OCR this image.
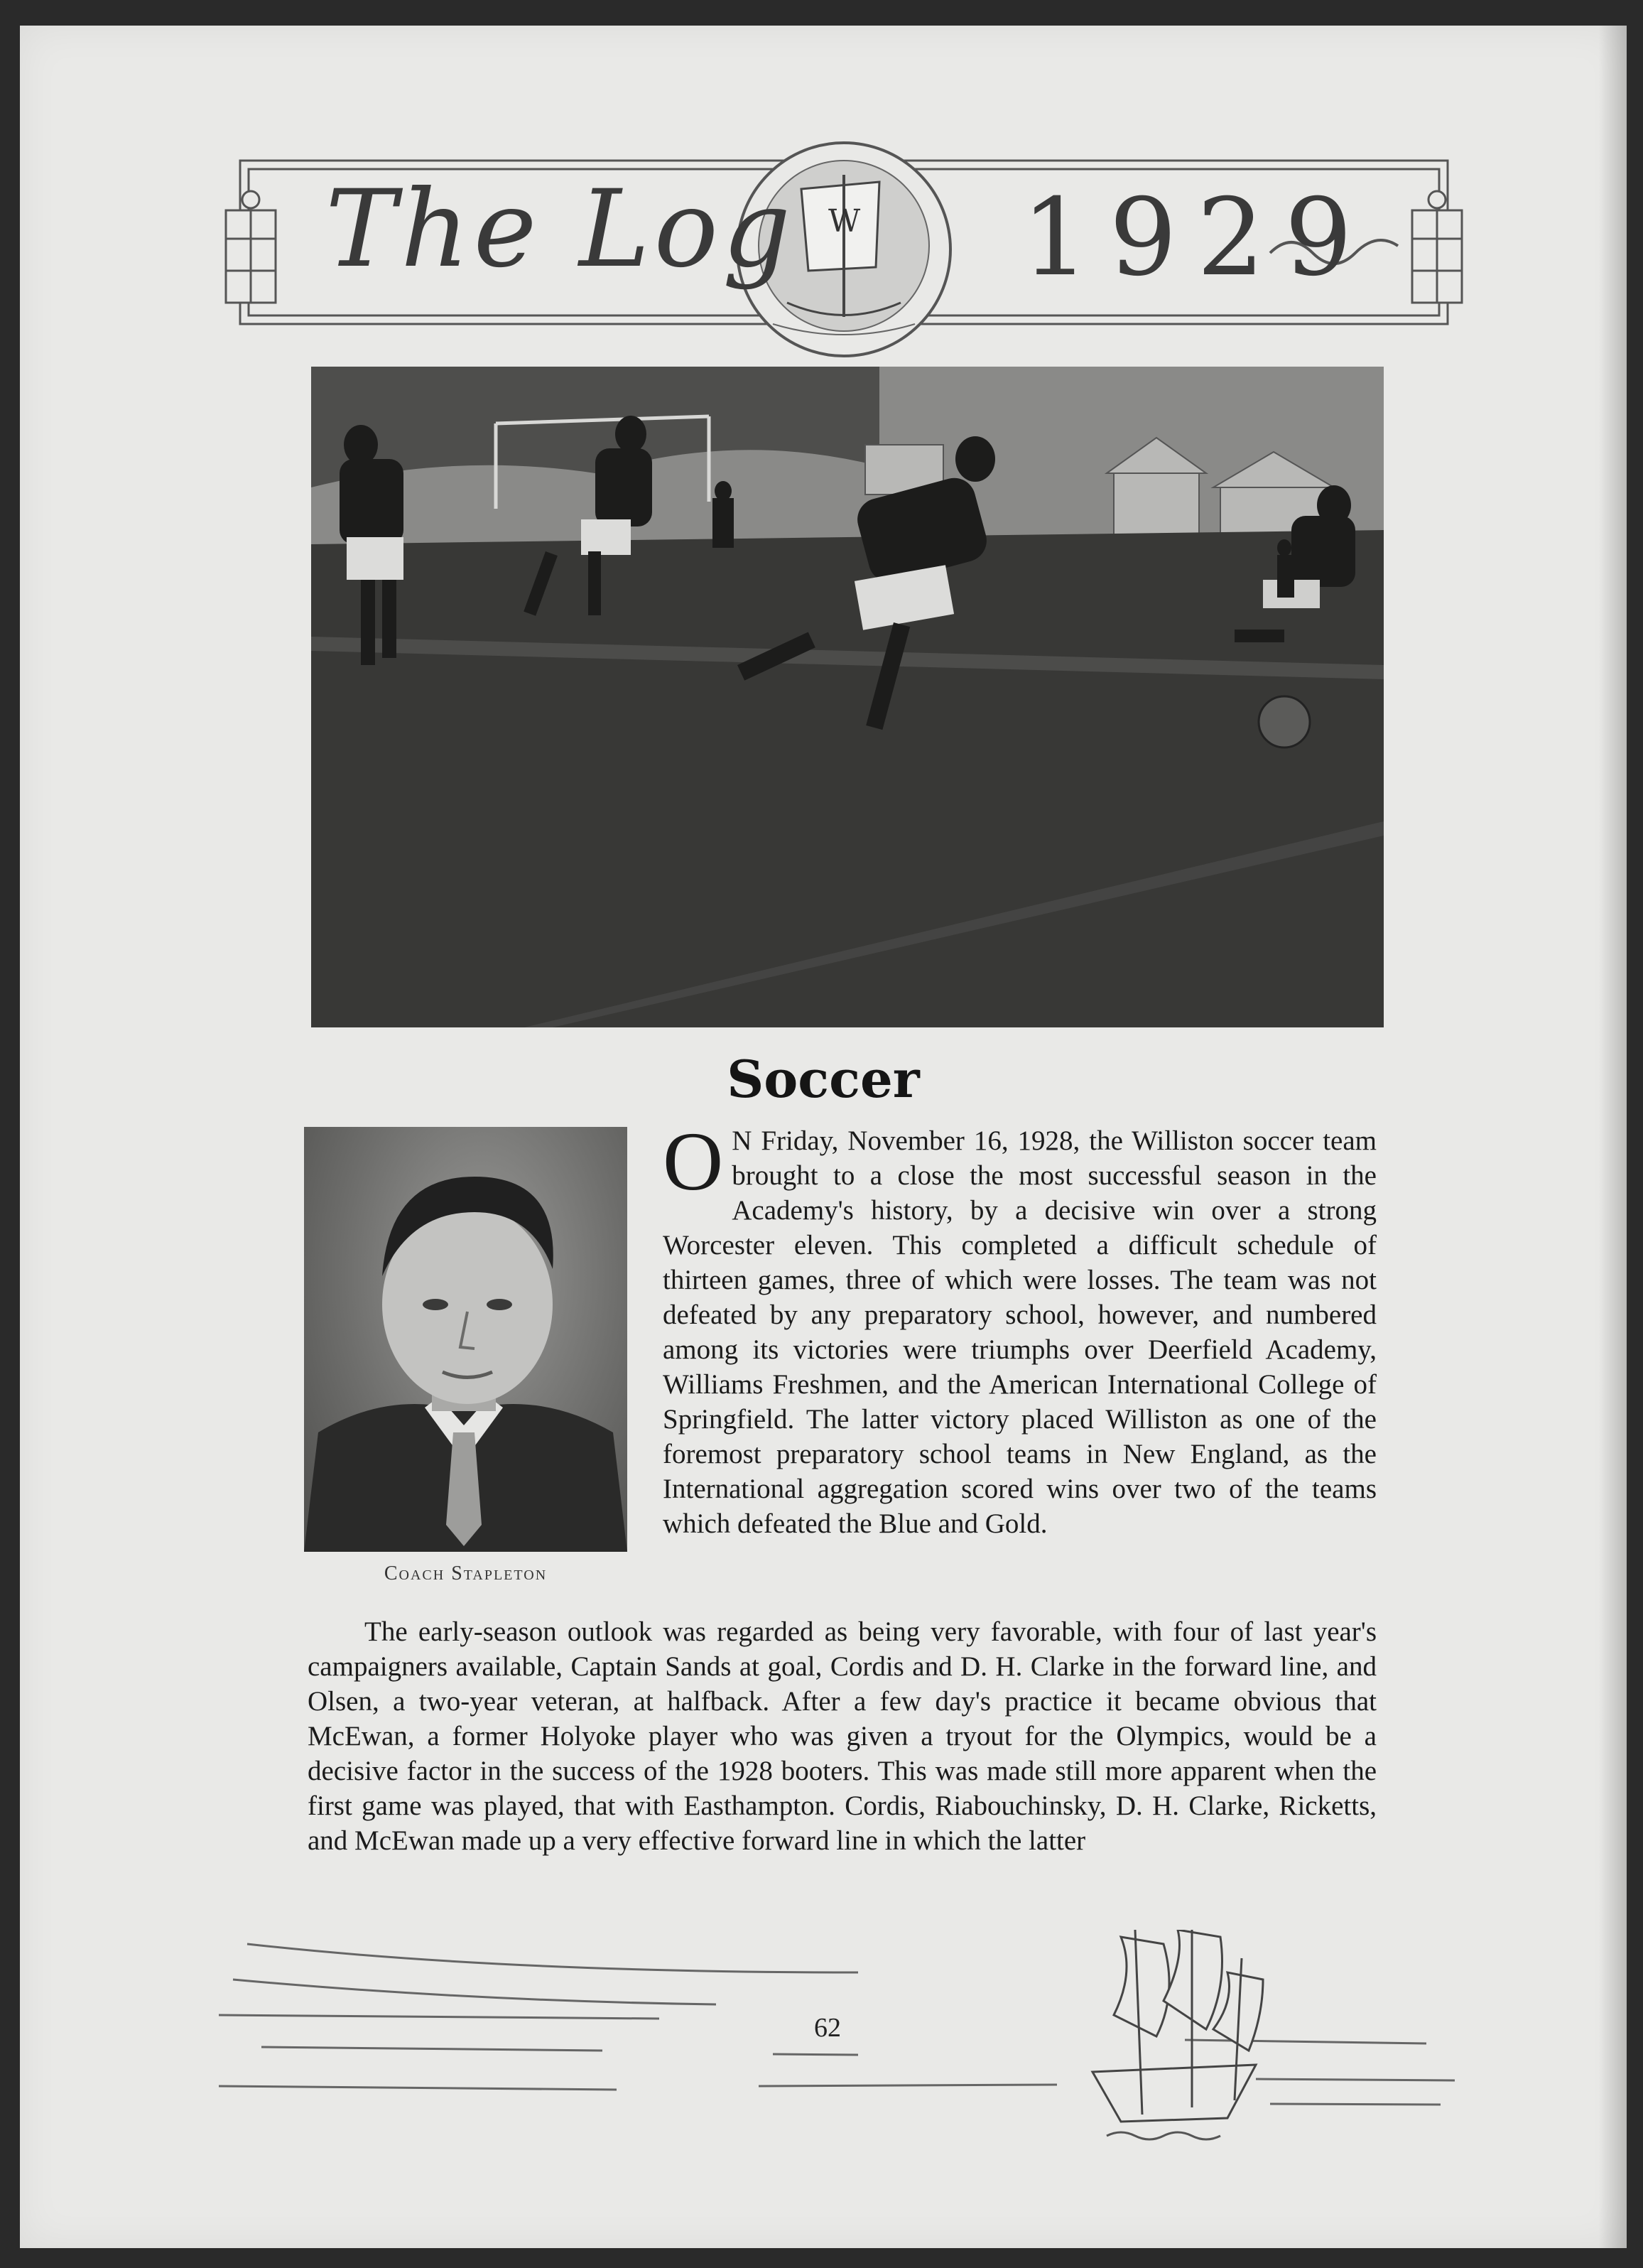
The Log 1929
W
Soccer
Coach Stapleton
O N Friday, November 16, 1928, the Williston soccer team brought to a close the most successful season in the Academy's history, by a decisive win over a strong Worcester eleven. This completed a difficult schedule of thirteen games, three of which were losses. The team was not defeated by any preparatory school, however, and numbered among its victories were triumphs over Deerfield Academy, Williams Freshmen, and the American International College of Springfield. The latter victory placed Williston as one of the foremost preparatory school teams in New England, as the International aggregation scored wins over two of the teams which defeated the Blue and Gold.
The early-season outlook was regarded as being very favorable, with four of last year's campaigners available, Captain Sands at goal, Cordis and D. H. Clarke in the forward line, and Olsen, a two-year veteran, at halfback. After a few day's practice it became obvious that McEwan, a former Holyoke player who was given a tryout for the Olympics, would be a decisive factor in the success of the 1928 booters. This was made still more apparent when the first game was played, that with Easthampton. Cordis, Riabouchinsky, D. H. Clarke, Ricketts, and McEwan made up a very effective forward line in which the latter
62
